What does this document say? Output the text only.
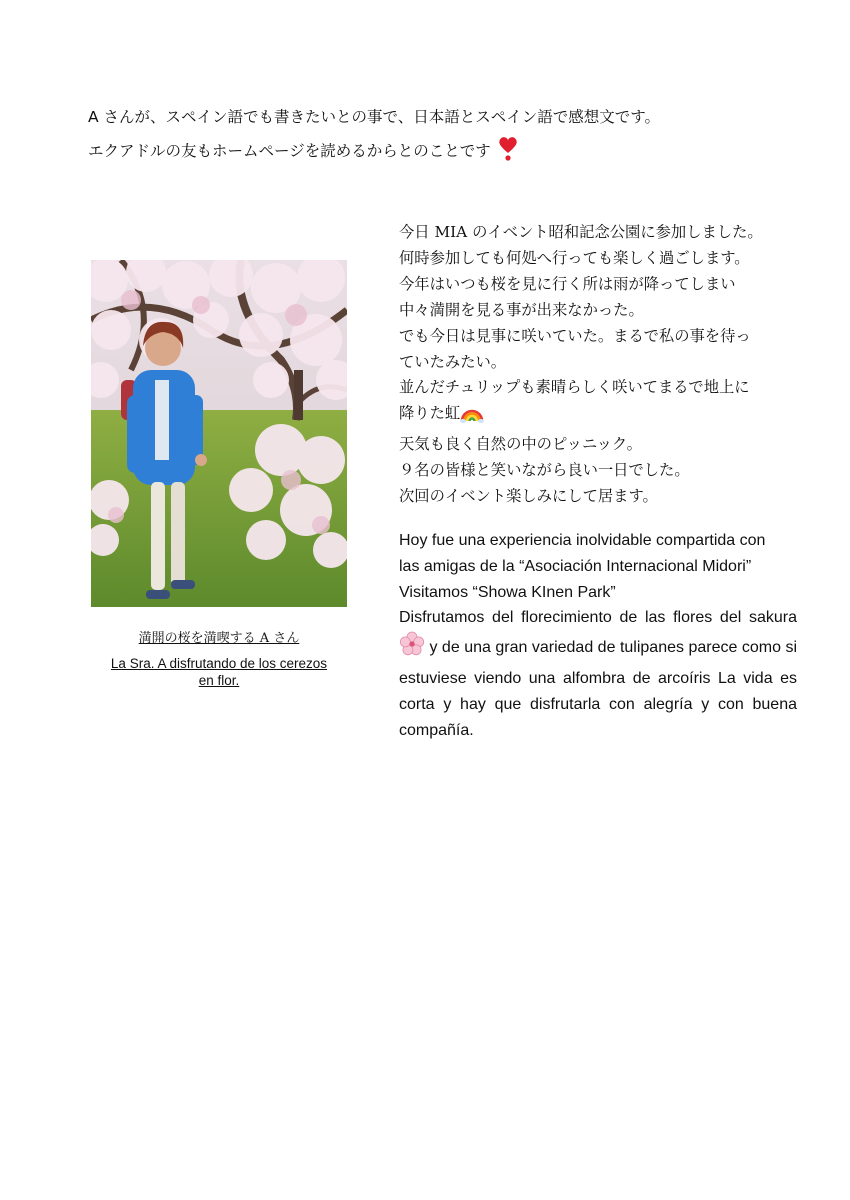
A さんが、スペイン語でも書きたいとの事で、日本語とスペイン語で感想文です。

エクアドルの友もホームページを読めるからとのことです

満開の桜を満喫する A さん
La Sra. A disfrutando de los cerezos en flor.

今日 MIA のイベント昭和記念公園に参加しました。

何時参加しても何処へ行っても楽しく過ごします。

今年はいつも桜を見に行く所は雨が降ってしまい

中々満開を見る事が出来なかった。

でも今日は見事に咲いていた。まるで私の事を待っ

ていたみたい。

並んだチュリップも素晴らしく咲いてまるで地上に

降りた虹

天気も良く自然の中のピッニック。

９名の皆様と笑いながら良い一日でした。

次回のイベント楽しみにして居ます。

Hoy fue una experiencia inolvidable compartida con

las amigas de la “Asociación Internacional Midori”

Visitamos “Showa KInen Park”

Disfrutamos del florecimiento de las flores del sakura  y de una gran variedad de tulipanes parece como si estuviese viendo una alfombra de arcoíris La vida es corta y hay que disfrutarla con alegría y con buena compañía.
